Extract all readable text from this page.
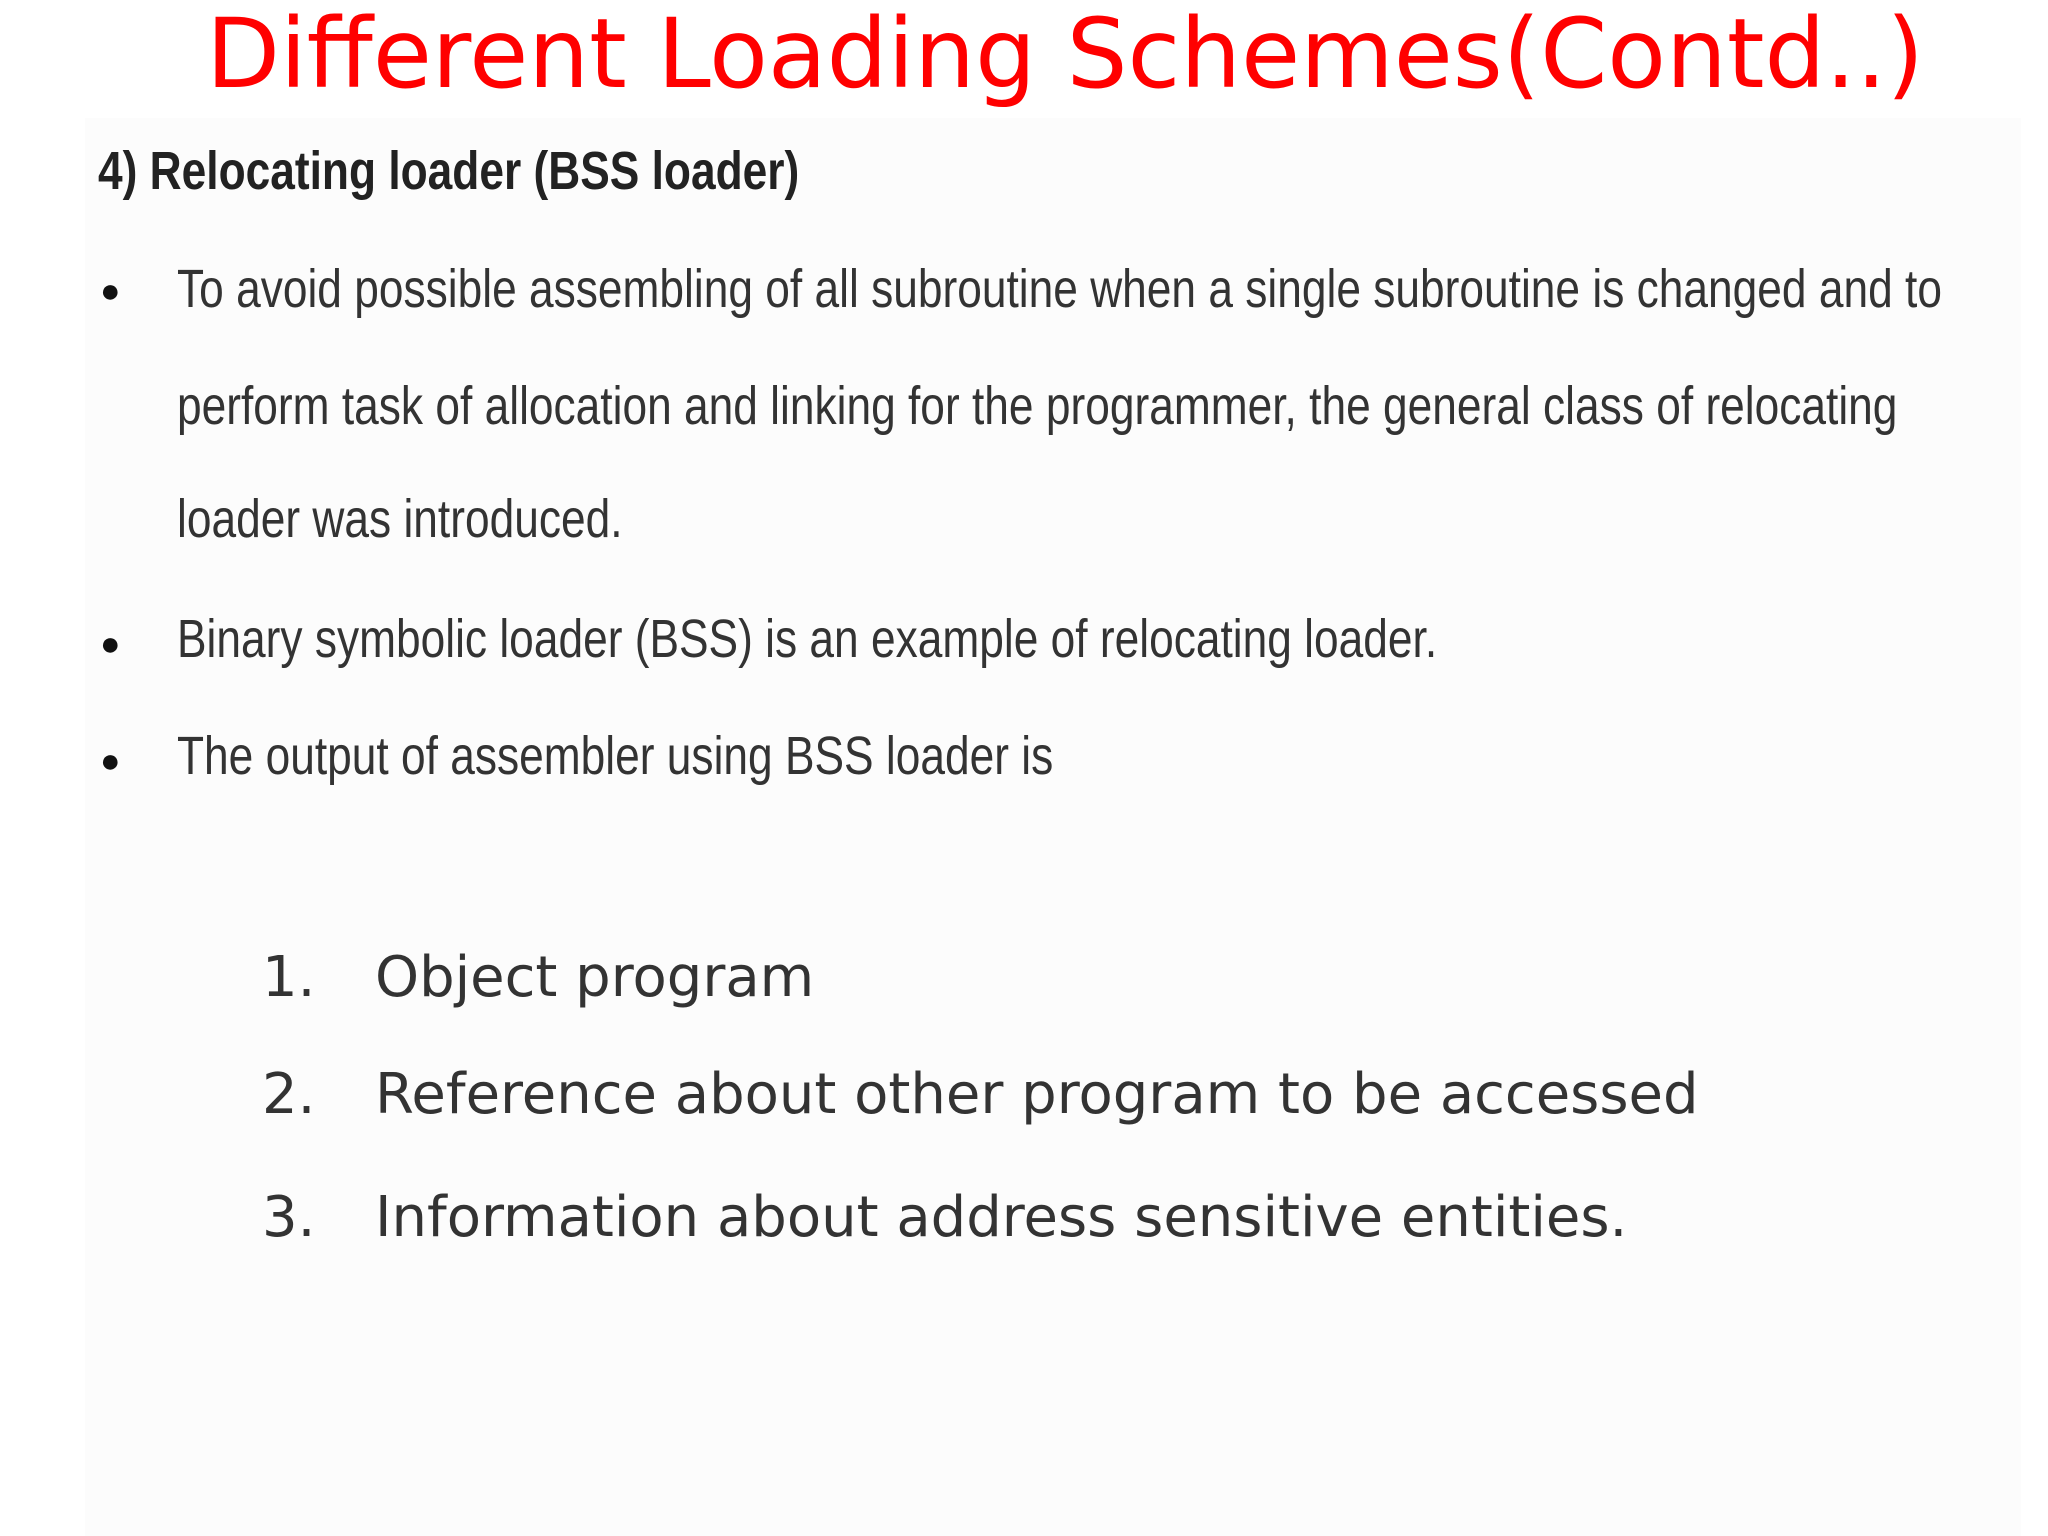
Different Loading Schemes(Contd..)

4) Relocating loader (BSS loader)

● To avoid possible assembling of all subroutine when a single subroutine is changed and to

perform task of allocation and linking for the programmer, the general class of relocating

loader was introduced.

● Binary symbolic loader (BSS) is an example of relocating loader.

● The output of assembler using BSS loader is

1. Object program
2. Reference about other program to be accessed
3. Information about address sensitive entities.
